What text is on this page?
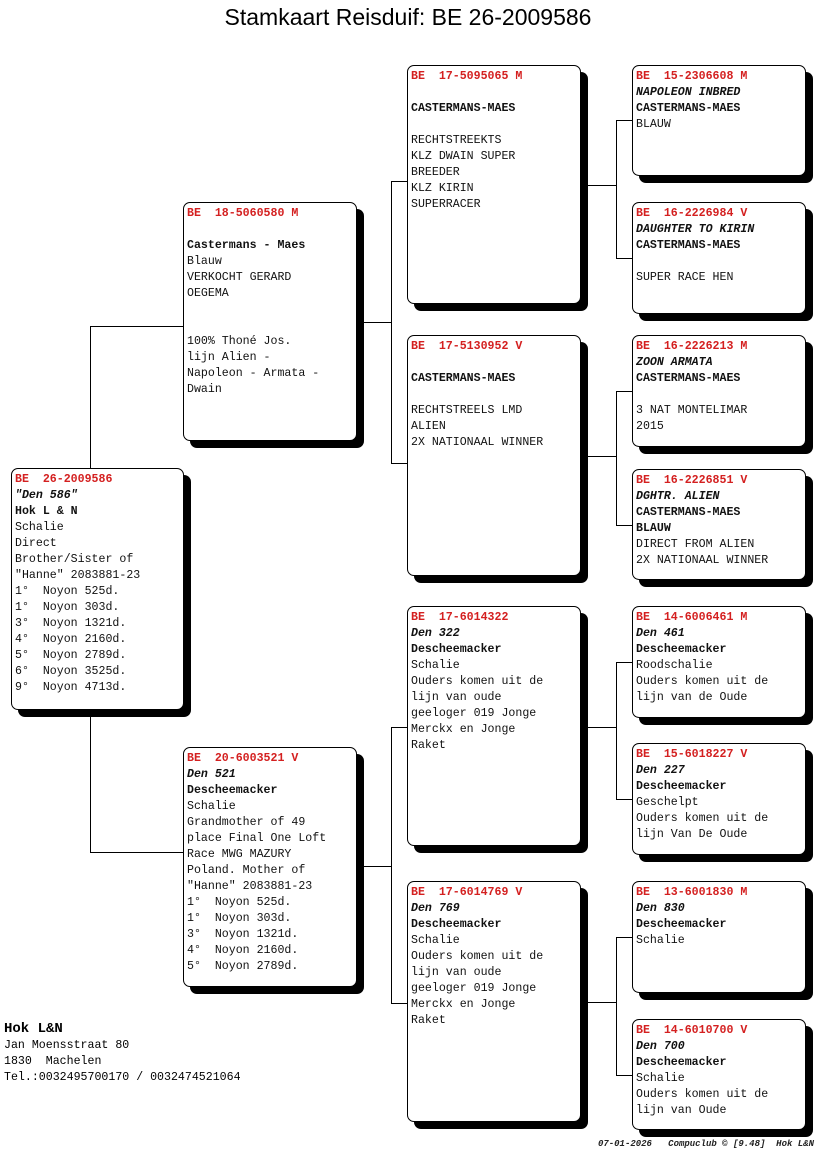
Stamkaart Reisduif: BE 26-2009586
BE  26-2009586
"Den 586"
Hok L & N
Schalie
Direct
Brother/Sister of
"Hanne" 2083881-23
1°  Noyon 525d.
1°  Noyon 303d.
3°  Noyon 1321d.
4°  Noyon 2160d.
5°  Noyon 2789d.
6°  Noyon 3525d.
9°  Noyon 4713d.
BE  18-5060580 M
Castermans - Maes
Blauw
VERKOCHT GERARD
OEGEMA
100% Thoné Jos.
lijn Alien -
Napoleon - Armata -
Dwain
BE  20-6003521 V
Den 521
Descheemacker
Schalie
Grandmother of 49
place Final One Loft
Race MWG MAZURY
Poland. Mother of
"Hanne" 2083881-23
1°  Noyon 525d.
1°  Noyon 303d.
3°  Noyon 1321d.
4°  Noyon 2160d.
5°  Noyon 2789d.
BE  17-5095065 M
CASTERMANS-MAES
RECHTSTREEKTS
KLZ DWAIN SUPER
BREEDER
KLZ KIRIN
SUPERRACER
BE  17-5130952 V
CASTERMANS-MAES
RECHTSTREELS LMD
ALIEN
2X NATIONAAL WINNER
BE  17-6014322
Den 322
Descheemacker
Schalie
Ouders komen uit de
lijn van oude
geeloger 019 Jonge
Merckx en Jonge
Raket
BE  17-6014769 V
Den 769
Descheemacker
Schalie
Ouders komen uit de
lijn van oude
geeloger 019 Jonge
Merckx en Jonge
Raket
BE  15-2306608 M
NAPOLEON INBRED
CASTERMANS-MAES
BLAUW
BE  16-2226984 V
DAUGHTER TO KIRIN
CASTERMANS-MAES
SUPER RACE HEN
BE  16-2226213 M
ZOON ARMATA
CASTERMANS-MAES
3 NAT MONTELIMAR
2015
BE  16-2226851 V
DGHTR. ALIEN
CASTERMANS-MAES
BLAUW
DIRECT FROM ALIEN
2X NATIONAAL WINNER
BE  14-6006461 M
Den 461
Descheemacker
Roodschalie
Ouders komen uit de
lijn van de Oude
BE  15-6018227 V
Den 227
Descheemacker
Geschelpt
Ouders komen uit de
lijn Van De Oude
BE  13-6001830 M
Den 830
Descheemacker
Schalie
BE  14-6010700 V
Den 700
Descheemacker
Schalie
Ouders komen uit de
lijn van Oude
Hok L&N
Jan Moensstraat 80
1830  Machelen
Tel.:0032495700170 / 0032474521064
07-01-2026   Compuclub © [9.48]  Hok L&N
